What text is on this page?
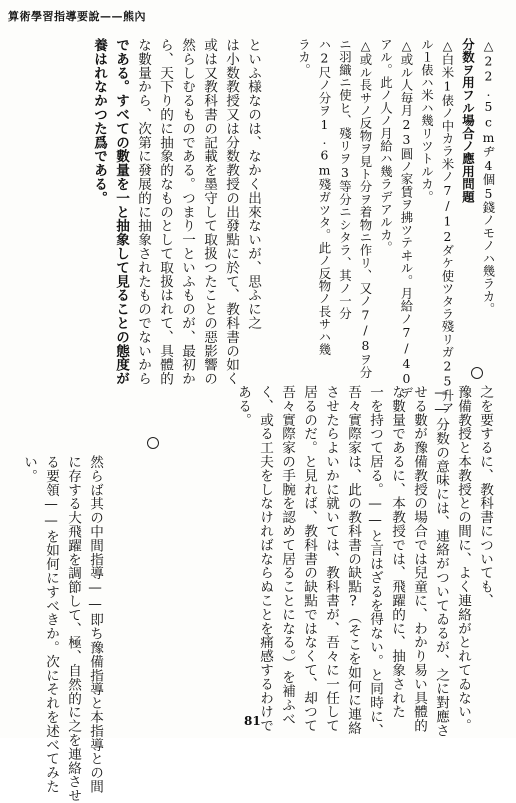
算術學習指導要說——熊內
△22.5cmヂ4個5錢ノモノハ幾ラカ。
分数ヲ用フル場合ノ應用問題
△白米1俵ノ中カラ米ノ7/12ダケ使ツタラ殘リガ25升ア
ル１俵ハ米ハ幾リツトルカ。
△或ル人毎月23圓ノ家賃ヲ拂ツテヰル。月給ノ7/40デ
アル。此ノ人ノ月給ハ幾ラデアルカ。
△或ル長サノ反物ヲ見ト分ヲ着物ニ作リ、又ノ7/8ヲ分
ニ羽織ニ使ヒ、殘リヲ3等分ニシタラ、其ノ一分
ハ2尺ノ分ヲ1.6m殘ガツタ。此ノ反物ノ長サハ幾
ラカ。
といふ様なのは、なかく出來ないが、思ふに之
は小数教授又は分数教授の出發點に於て、教科書の如く
或は又教科書の記載を墨守して取扱つたことの惡影響の
然らしむるものである。つまり一といふものが、最初か
ら、天下り的に抽象的なものとして取扱はれて、具體的
な數量から、次第に發展的に抽象されたものでないから
である。すべての數量を一と抽象して見ることの態度が
養はれなかつた爲である。
之を要するに、教科書についても、
豫備教授と本教授との間に、よく連絡がとれてゐない。
——分数の意味には、連絡がついてゐるが、之に對應さ
せる數が豫備教授の場合では兒童に、わかり易い具體的
な數量であるに、本教授では、飛躍的に、抽象された
一を持つて居る。——と言はざるを得ない。と同時に、
吾々實際家は、此の教科書の缺點?（そこを如何に連絡
させたらよいかに就いては、教科書が、吾々に一任して
居るのだ。と見れば、教科書の缺點ではなくて、却つて
吾々實際家の手腕を認めて居ることになる。）を補ふべ
く、或る工夫をしなければならぬことを痛感するわけで
ある。
然らば其の中間指導——即ち豫備指導と本指導との間
に存する大飛躍を調節して、極、自然的に之を連絡させ
る要領——を如何にすべきか。次にそれを述べてみた
い。
81
